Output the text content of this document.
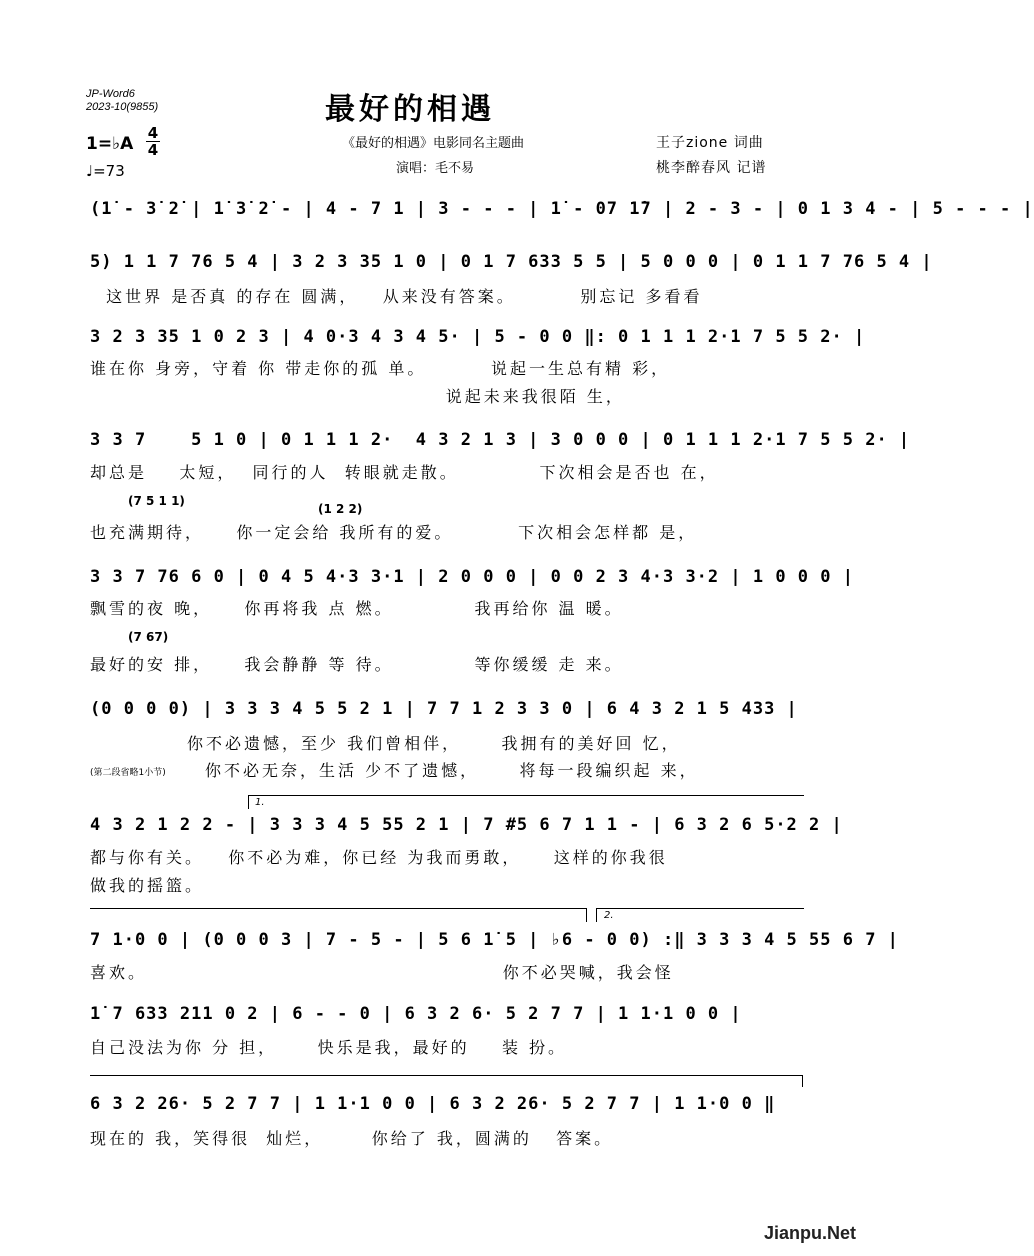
JP-Word6
2023-10(9855)	最好的相遇
1=♭A
4
4
♩=73
《最好的相遇》电影同名主题曲
演唱：毛不易
王子zione 词曲
桃李醉春风 记谱
(1̇ - 3̇ 2̇ | 1̇ 3̇ 2̇ - | 4 - 7 1 | 3 - - - | 1̇ - 07 1̇7 | 2 - 3 - | 0 1 3 4 - | 5 - - - |
5) 1 1 7 76 5 4 | 3 2 3 35 1 0 | 0 1 7 633 5 5 | 5 0 0 0 | 0 1 1 7 76 5 4 |
这世界 是否真 的存在 圆满，   从来没有答案。        别忘记 多看看
3 2 3 35 1 0 2 3 | 4 0·3 4 3 4 5· | 5 - 0 0 ‖: 0 1 1 1 2·1 7 5 5 2· |
谁在你 身旁，守着 你 带走你的孤 单。        说起一生总有精 彩，
说起未来我很陌 生，
3 3 7    5 1 0 | 0 1 1 1 2·  4 3 2 1 3 | 3 0 0 0 | 0 1 1 1 2·1 7 5 5 2· |
却总是    太短，  同行的人  转眼就走散。          下次相会是否也 在，
(7 5 1 1)
(1 2 2)
也充满期待，    你一定会给 我所有的爱。        下次相会怎样都 是，
3 3 7 76 6 0 | 0 4 5 4·3 3·1 | 2 0 0 0 | 0 0 2 3 4·3 3·2 | 1 0 0 0 |
飘雪的夜 晚，    你再将我 点 燃。          我再给你 温 暖。
(7 67)
最好的安 排，    我会静静 等 待。          等你缓缓 走 来。
(0 0 0 0) | 3 3 3 4 5 5 2 1 | 7 7 1 2 3 3 0 | 6 4 3 2 1 5 433 |
你不必遗憾，至少 我们曾相伴，     我拥有的美好回 忆，
(第二段省略1小节) 你不必无奈，生活 少不了遗憾，     将每一段编织起 来，
1.
4 3 2 1 2 2 - | 3 3 3 4 5 55 2 1 | 7 #5 6 7 1 1 - | 6 3 2 6 5·2 2 |
都与你有关。   你不必为难，你已经 为我而勇敢，    这样的你我很
做我的摇篮。
2.
7 1·0 0 | (0 0 0 3 | 7 - 5 - | 5 6 1̇ 5 | ♭6 - 0 0) :‖ 3 3 3 4 5 55 6 7 |
喜欢。                                            你不必哭喊，我会怪
1̇ 7 633 211 0 2 | 6 - - 0 | 6 3 2 6· 5 2 7 7 | 1 1·1 0 0 |
自己没法为你 分 担，     快乐是我，最好的    装 扮。
6 3 2 26· 5 2 7 7 | 1 1·1 0 0 | 6 3 2 26· 5 2 7 7 | 1 1·0 0 ‖
现在的 我，笑得很  灿烂，      你给了 我，圆满的   答案。
Jianpu.Net
